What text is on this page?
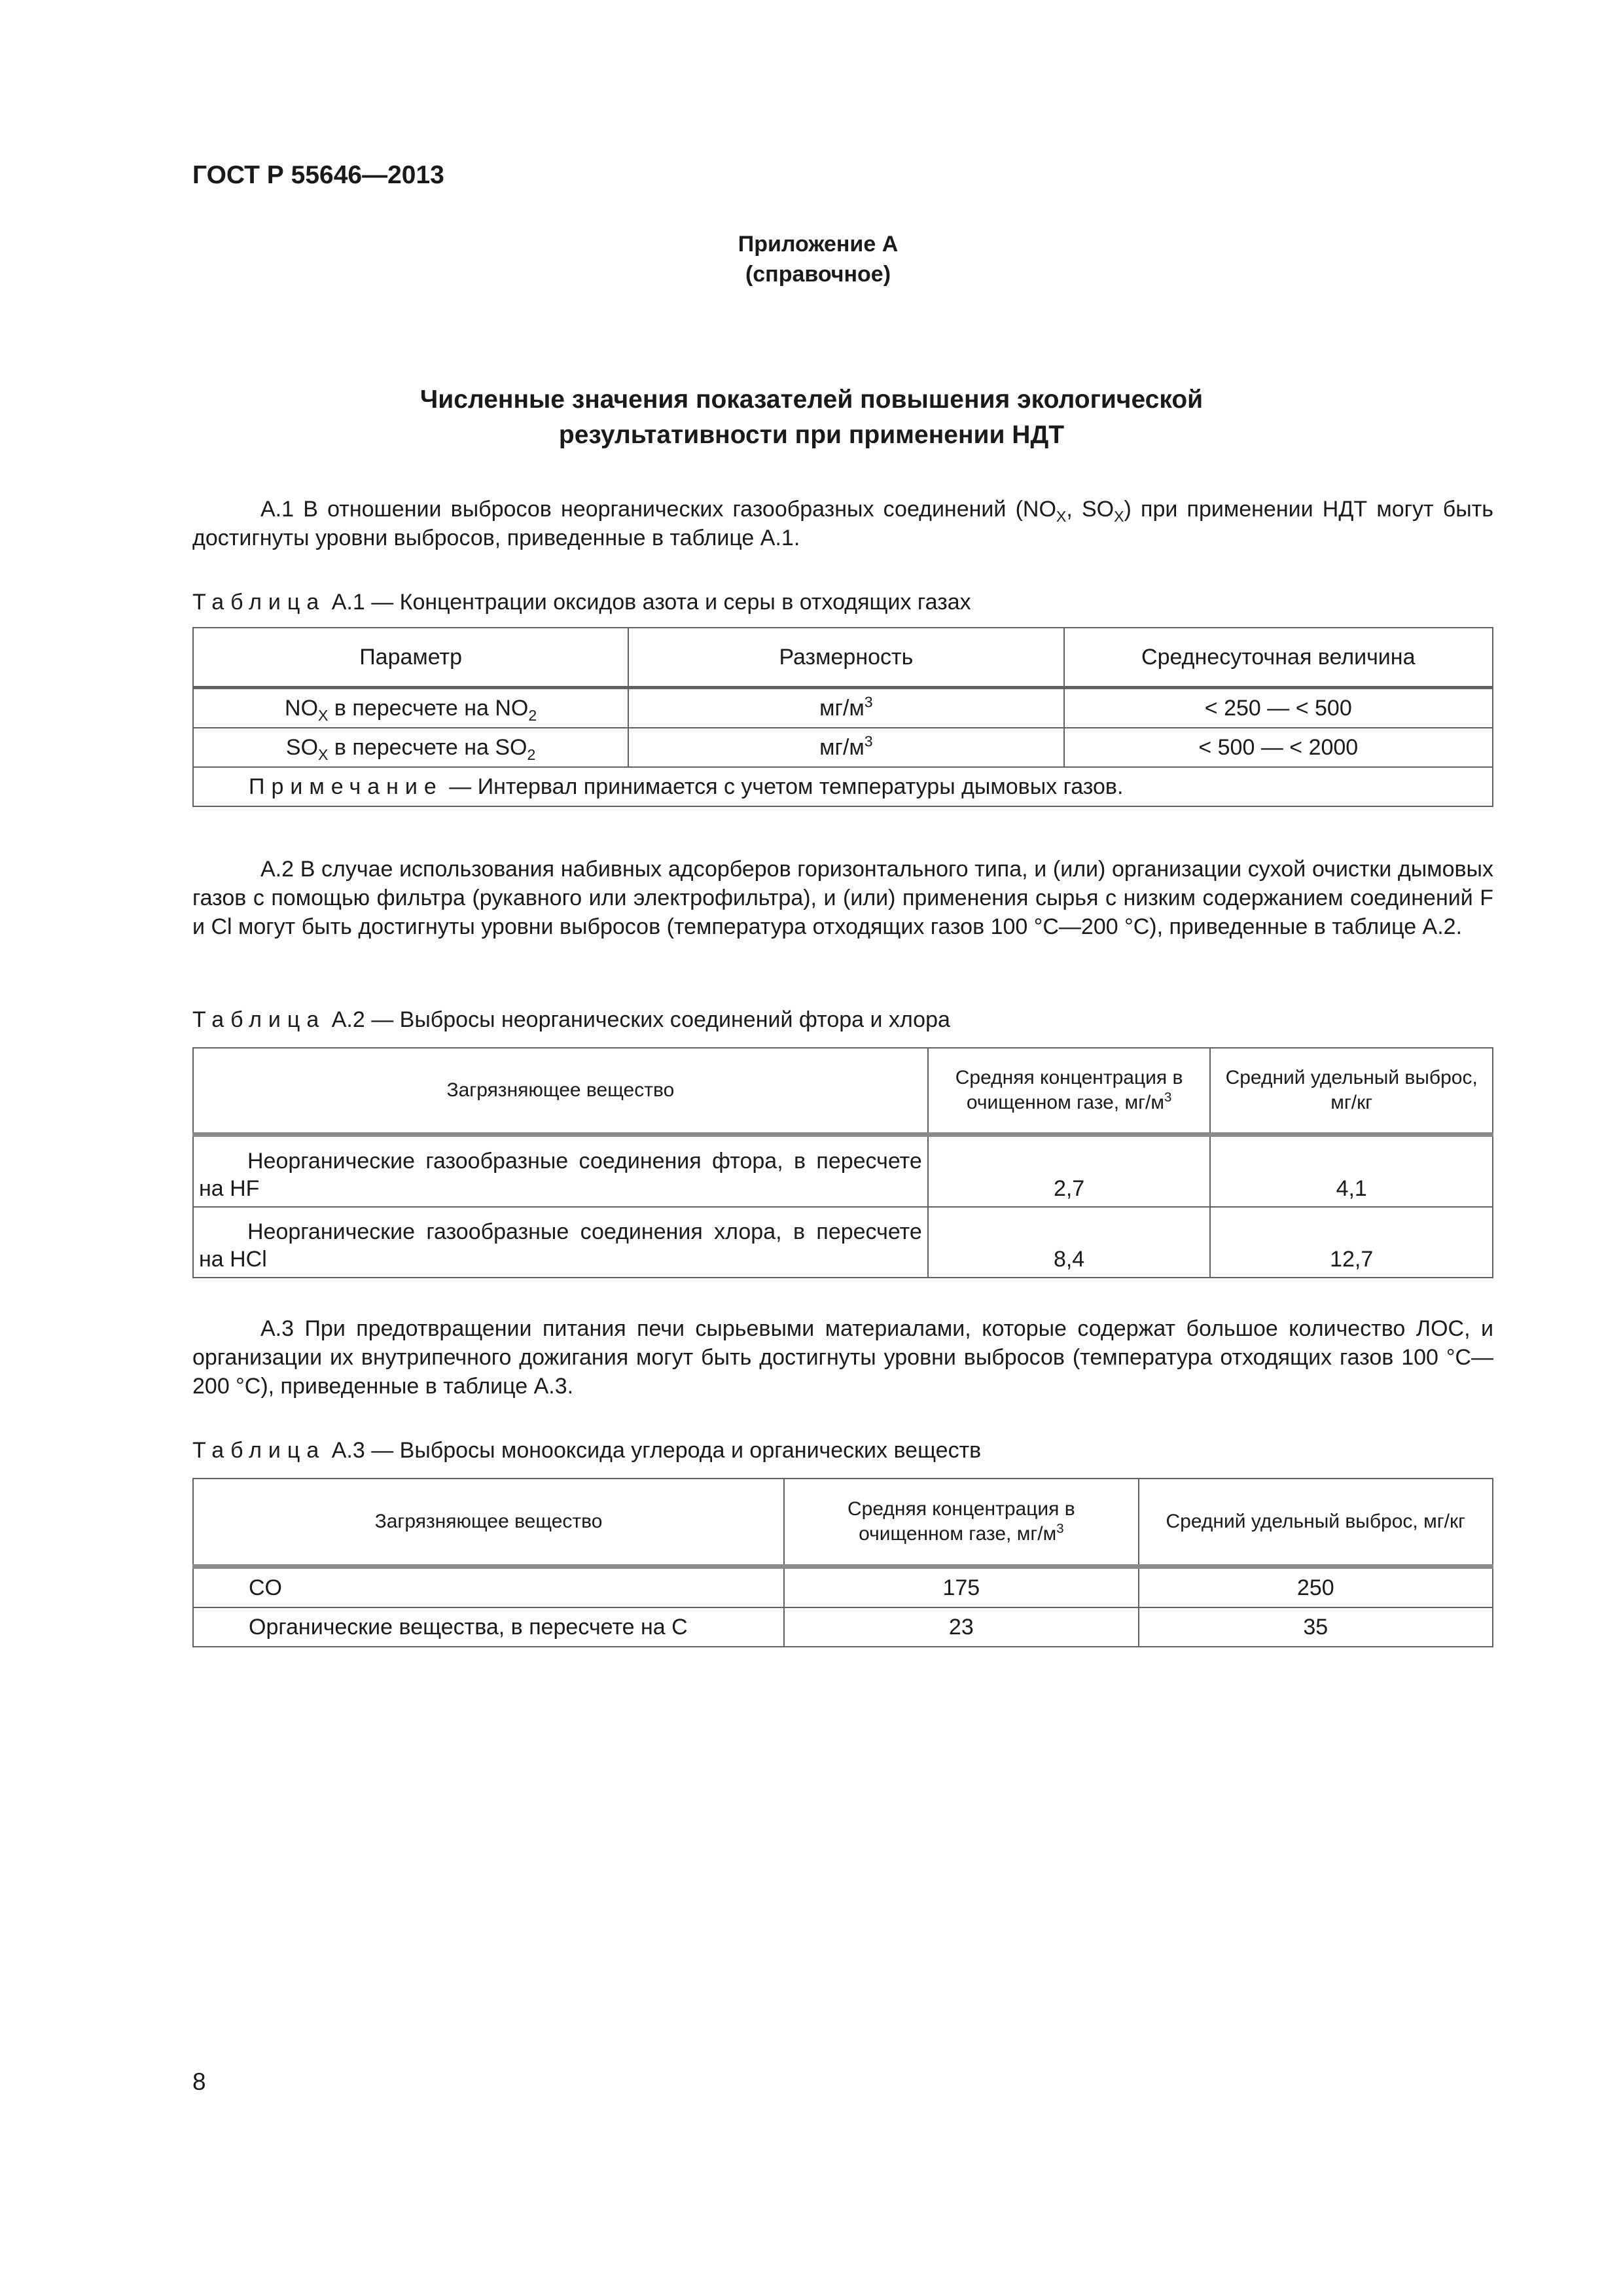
ГОСТ Р 55646—2013
Приложение А
(справочное)
Численные значения показателей повышения экологической
результативности при применении НДТ

А.1 В отношении выбросов неорганических газообразных соединений ($NO_X$, $SO_X$) при применении НДТ могут быть достигнуты уровни выбросов, приведенные в таблице А.1.

Таблица А.1 — Концентрации оксидов азота и серы в отходящих газах
Параметр	Размерность	Среднесуточная величина
$NO_X$ в пересчете на $NO_2$	$мг/м^3$	< 250 — < 500
$SO_X$ в пересчете на $SO_2$	$мг/м^3$	< 500 — < 2000
Примечание — Интервал принимается с учетом температуры дымовых газов.		

А.2 В случае использования набивных адсорберов горизонтального типа, и (или) организации сухой очистки дымовых газов с помощью фильтра (рукавного или электрофильтра), и (или) применения сырья с низким содержанием соединений F и Cl могут быть достигнуты уровни выбросов (температура отходящих газов 100 °C—200 °C), приведенные в таблице А.2.

Таблица А.2 — Выбросы неорганических соединений фтора и хлора
Загрязняющее вещество	Средняя концентрация в очищенном газе, $мг/м^3$	Средний удельный выброс, мг/кг
Неорганические газообразные соединения фтора, в пересчете на HF	2,7	4,1
Неорганические газообразные соединения хлора, в пересчете на HCl	8,4	12,7

А.3 При предотвращении питания печи сырьевыми материалами, которые содержат большое количество ЛОС, и организации их внутрипечного дожигания могут быть достигнуты уровни выбросов (температура отходящих газов 100 °C—200 °C), приведенные в таблице А.3.

Таблица А.3 — Выбросы монооксида углерода и органических веществ
Загрязняющее вещество	Средняя концентрация в очищенном газе, $мг/м^3$	Средний удельный выброс, мг/кг
CO	175	250
Органические вещества, в пересчете на С	23	35
8
